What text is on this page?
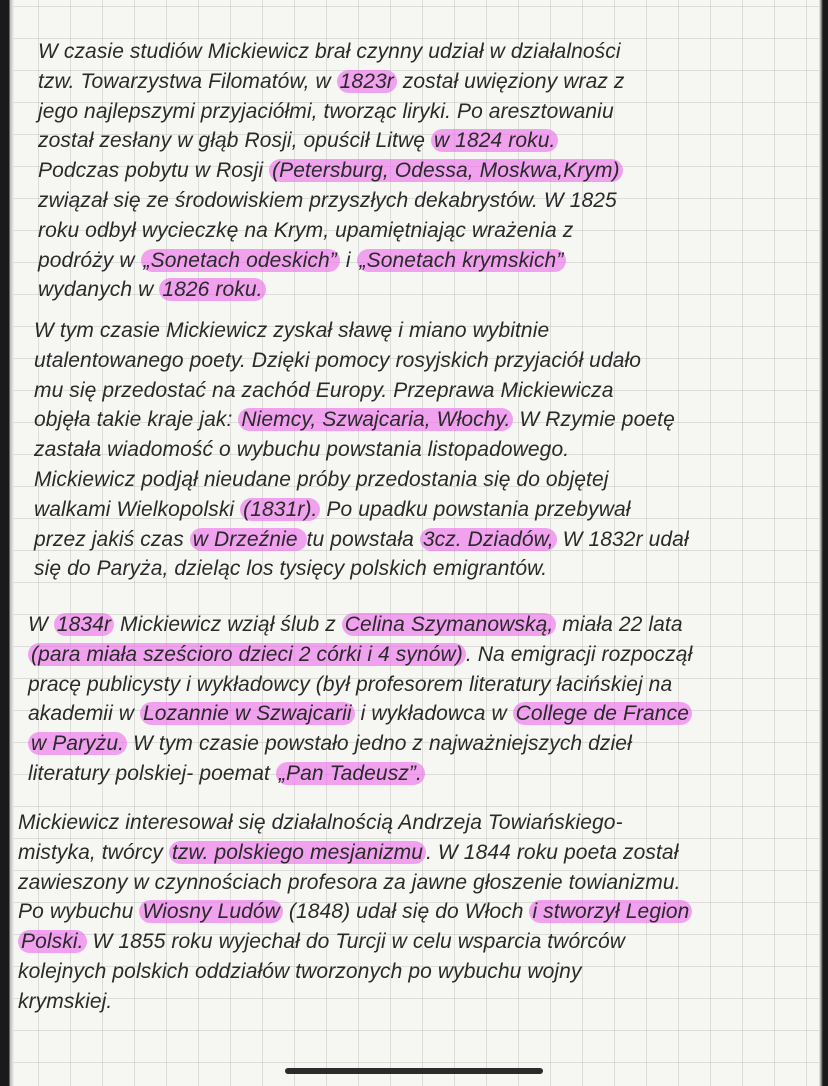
W czasie studiów Mickiewicz brał czynny udział w działalności
tzw. Towarzystwa Filomatów, w 1823r został uwięziony wraz z
jego najlepszymi przyjaciółmi, tworząc liryki. Po aresztowaniu
został zesłany w głąb Rosji, opuścił Litwę w 1824 roku.
Podczas pobytu w Rosji (Petersburg, Odessa, Moskwa,Krym)
związał się ze środowiskiem przyszłych dekabrystów. W 1825
roku odbył wycieczkę na Krym, upamiętniając wrażenia z
podróży w „Sonetach odeskich” i „Sonetach krymskich”
wydanych w 1826 roku.
W tym czasie Mickiewicz zyskał sławę i miano wybitnie
utalentowanego poety. Dzięki pomocy rosyjskich przyjaciół udało
mu się przedostać na zachód Europy. Przeprawa Mickiewicza
objęła takie kraje jak: Niemcy, Szwajcaria, Włochy. W Rzymie poetę
zastała wiadomość o wybuchu powstania listopadowego.
Mickiewicz podjął nieudane próby przedostania się do objętej
walkami Wielkopolski (1831r). Po upadku powstania przebywał
przez jakiś czas w Drzeźnie tu powstała 3cz. Dziadów, W 1832r udał
się do Paryża, dzieląc los tysięcy polskich emigrantów.
W 1834r Mickiewicz wziął ślub z Celina Szymanowską, miała 22 lata
(para miała sześcioro dzieci 2 córki i 4 synów) . Na emigracji rozpoczął
pracę publicysty i wykładowcy (był profesorem literatury łacińskiej na
akademii w Lozannie w Szwajcarii i wykładowca w College de France
w Paryżu. W tym czasie powstało jedno z najważniejszych dzieł
literatury polskiej- poemat „Pan Tadeusz”.
Mickiewicz interesował się działalnością Andrzeja Towiańskiego-
mistyka, twórcy tzw. polskiego mesjanizmu . W 1844 roku poeta został
zawieszony w czynnościach profesora za jawne głoszenie towianizmu.
Po wybuchu Wiosny Ludów (1848) udał się do Włoch i stworzył Legion
Polski. W 1855 roku wyjechał do Turcji w celu wsparcia twórców
kolejnych polskich oddziałów tworzonych po wybuchu wojny
krymskiej.
